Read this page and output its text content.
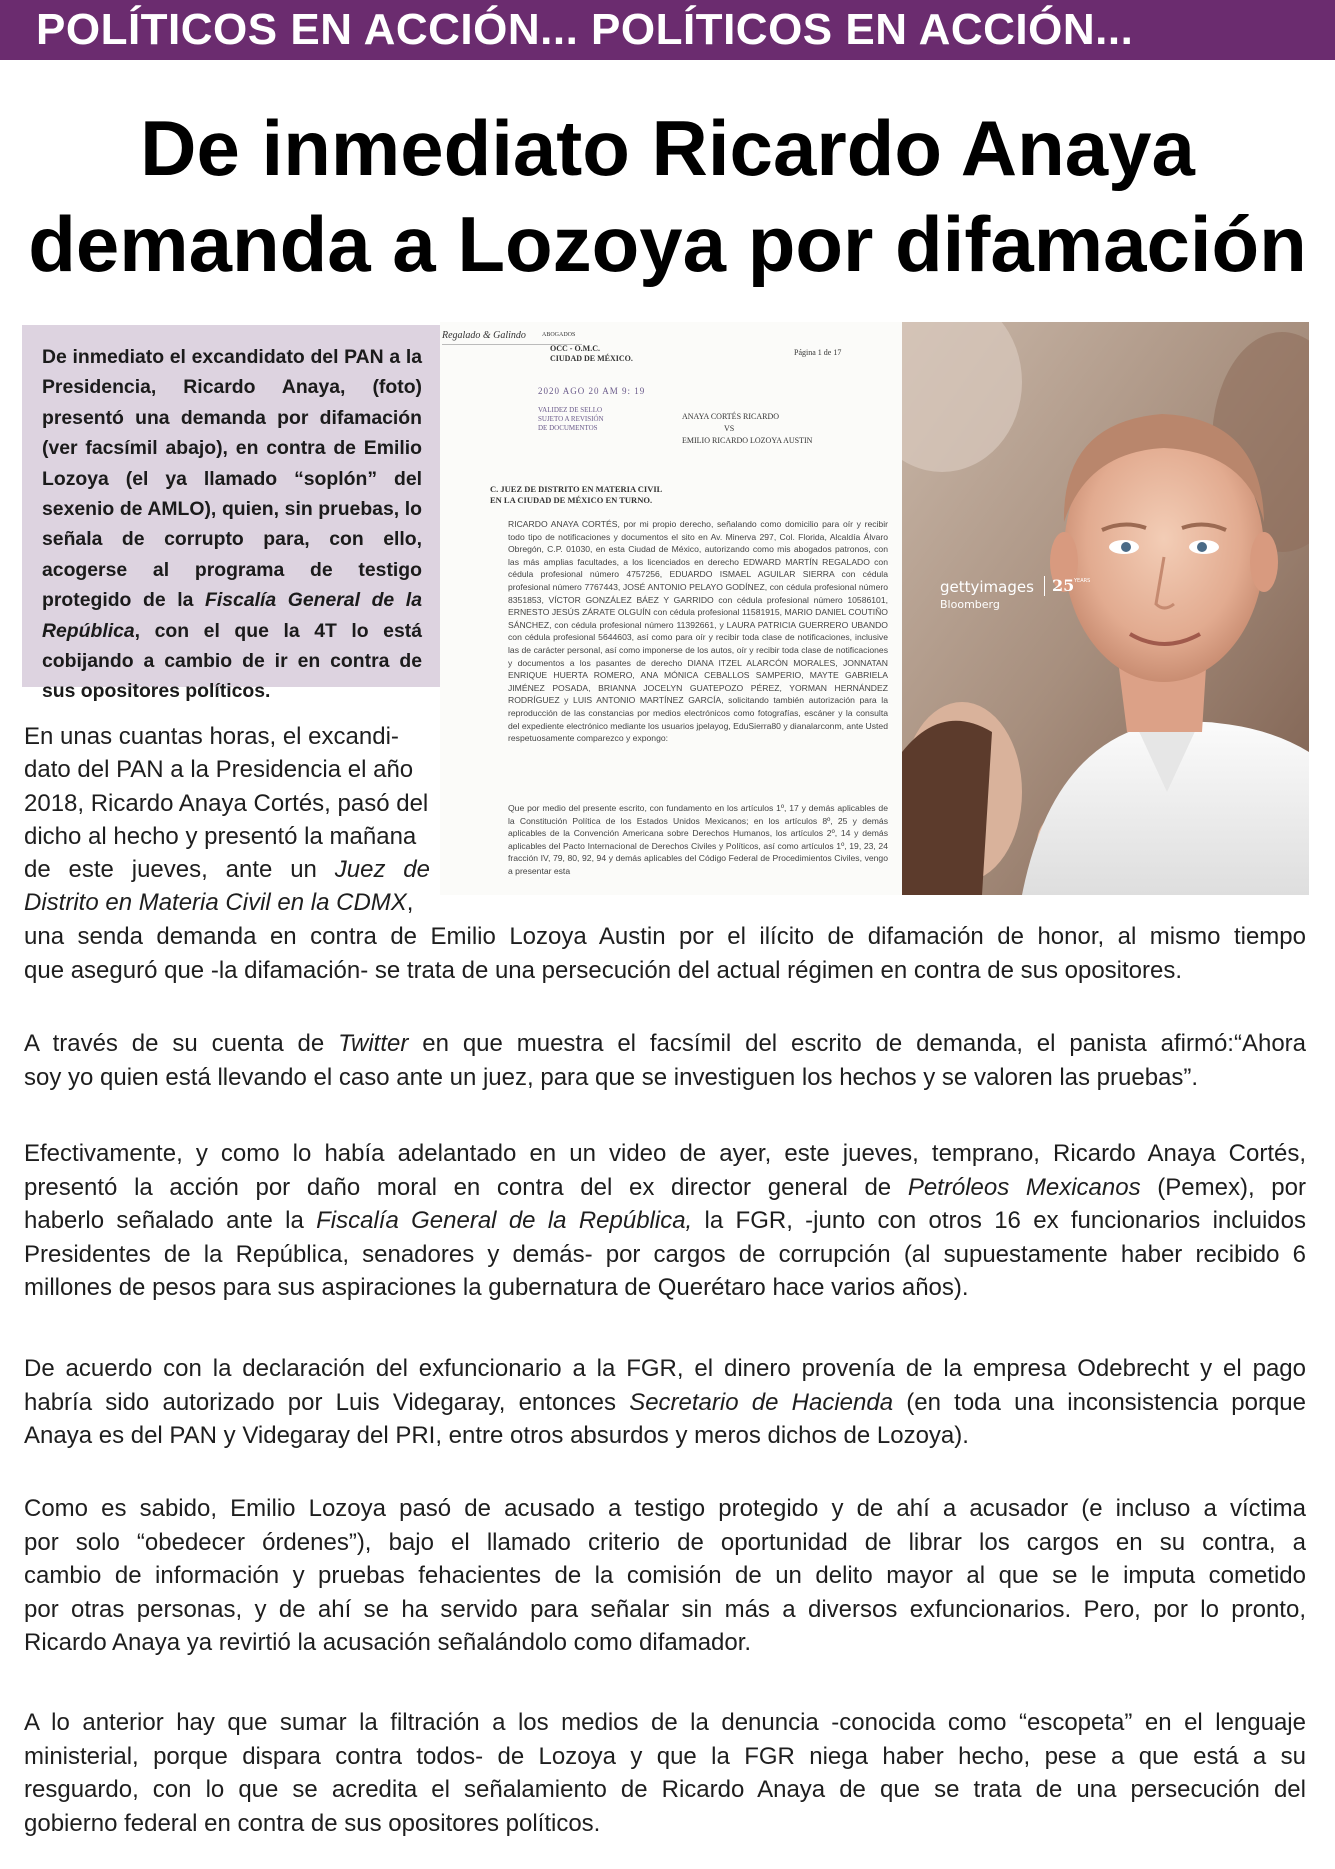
POLÍTICOS EN ACCIÓN... POLÍTICOS EN ACCIÓN...
De inmediato Ricardo Anaya
demanda a Lozoya por difamación
De inmediato el excandidato del PAN a la Presidencia, Ricardo Anaya, (foto) presentó una demanda por difamación (ver facsímil abajo), en contra de Emilio Lozoya (el ya llamado “soplón” del sexenio de AMLO), quien, sin pruebas, lo señala de corrupto para, con ello, acogerse al programa de testigo protegido de la Fiscalía General de la República, con el que la 4T lo está cobijando a cambio de ir en contra de sus opositores políticos.
Regalado & Galindo	ABOGADOS
OCC - O.M.C.
CIUDAD DE MÉXICO.
Página 1 de 17
2020 AGO 20 AM 9: 19
VALIDEZ DE SELLO
SUJETO A REVISIÓN
DE DOCUMENTOS
ANAYA CORTÉS RICARDO
VS
EMILIO RICARDO LOZOYA AUSTIN
C. JUEZ DE DISTRITO EN MATERIA CIVIL
EN LA CIUDAD DE MÉXICO EN TURNO.
RICARDO ANAYA CORTÉS, por mi propio derecho, señalando como domicilio para oír y recibir todo tipo de notificaciones y documentos el sito en Av. Minerva 297, Col. Florida, Alcaldía Álvaro Obregón, C.P. 01030, en esta Ciudad de México, autorizando como mis abogados patronos, con las más amplias facultades, a los licenciados en derecho EDWARD MARTÍN REGALADO con cédula profesional número 4757256, EDUARDO ISMAEL AGUILAR SIERRA con cédula profesional número 7767443, JOSÉ ANTONIO PELAYO GODÍNEZ, con cédula profesional número 8351853, VÍCTOR GONZÁLEZ BÁEZ Y GARRIDO con cédula profesional número 10586101, ERNESTO JESÚS ZÁRATE OLGUÍN con cédula profesional 11581915, MARIO DANIEL COUTIÑO SÁNCHEZ, con cédula profesional número 11392661, y LAURA PATRICIA GUERRERO UBANDO con cédula profesional 5644603, así como para oír y recibir toda clase de notificaciones, inclusive las de carácter personal, así como imponerse de los autos, oír y recibir toda clase de notificaciones y documentos a los pasantes de derecho DIANA ITZEL ALARCÓN MORALES, JONNATAN ENRIQUE HUERTA ROMERO, ANA MÓNICA CEBALLOS SAMPERIO, MAYTE GABRIELA JIMÉNEZ POSADA, BRIANNA JOCELYN GUATEPOZO PÉREZ, YORMAN HERNÁNDEZ RODRÍGUEZ y LUIS ANTONIO MARTÍNEZ GARCÍA, solicitando también autorización para la reproducción de las constancias por medios electrónicos como fotografías, escáner y la consulta del expediente electrónico mediante los usuarios jpelayog, EduSierra80 y dianalarconm, ante Usted respetuosamente comparezco y expongo:
Que por medio del presente escrito, con fundamento en los artículos 1º, 17 y demás aplicables de la Constitución Política de los Estados Unidos Mexicanos; en los artículos 8º, 25 y demás aplicables de la Convención Americana sobre Derechos Humanos, los artículos 2º, 14 y demás aplicables del Pacto Internacional de Derechos Civiles y Políticos, así como artículos 1º, 19, 23, 24 fracción IV, 79, 80, 92, 94 y demás aplicables del Código Federal de Procedimientos Civiles, vengo a presentar esta
gettyimages
Bloomberg
25 YEARS
En unas cuantas horas, el excandi-
dato del PAN a la Presidencia el año
2018, Ricardo Anaya Cortés, pasó del
dicho al hecho y presentó la mañana
de este jueves, ante un Juez de
Distrito en Materia Civil en la CDMX,
una senda demanda en contra de Emilio Lozoya Austin por el ilícito de difamación de honor, al mismo tiempo
que aseguró que -la difamación- se trata de una persecución del actual régimen en contra de sus opositores.
A través de su cuenta de Twitter en que muestra el facsímil del escrito de demanda, el panista afirmó:“Ahora
soy yo quien está llevando el caso ante un juez, para que se investiguen los hechos y se valoren las pruebas”.
Efectivamente, y como lo había adelantado en un video de ayer, este jueves, temprano, Ricardo Anaya Cortés,
presentó la acción por daño moral en contra del ex director general de Petróleos Mexicanos (Pemex), por
haberlo señalado ante la Fiscalía General de la República, la FGR, -junto con otros 16 ex funcionarios incluidos
Presidentes de la República, senadores y demás- por cargos de corrupción (al supuestamente haber recibido 6
millones de pesos para sus aspiraciones la gubernatura de Querétaro hace varios años).
De acuerdo con la declaración del exfuncionario a la FGR, el dinero provenía de la empresa Odebrecht y el pago
habría sido autorizado por Luis Videgaray, entonces Secretario de Hacienda (en toda una inconsistencia porque
Anaya es del PAN y Videgaray del PRI, entre otros absurdos y meros dichos de Lozoya).
Como es sabido, Emilio Lozoya pasó de acusado a testigo protegido y de ahí a acusador (e incluso a víctima
por solo “obedecer órdenes”), bajo el llamado criterio de oportunidad de librar los cargos en su contra, a
cambio de información y pruebas fehacientes de la comisión de un delito mayor al que se le imputa cometido
por otras personas, y de ahí se ha servido para señalar sin más a diversos exfuncionarios. Pero, por lo pronto,
Ricardo Anaya ya revirtió la acusación señalándolo como difamador.
A lo anterior hay que sumar la filtración a los medios de la denuncia -conocida como “escopeta” en el lenguaje
ministerial, porque dispara contra todos- de Lozoya y que la FGR niega haber hecho, pese a que está a su
resguardo, con lo que se acredita el señalamiento de Ricardo Anaya de que se trata de una persecución del
gobierno federal en contra de sus opositores políticos.
